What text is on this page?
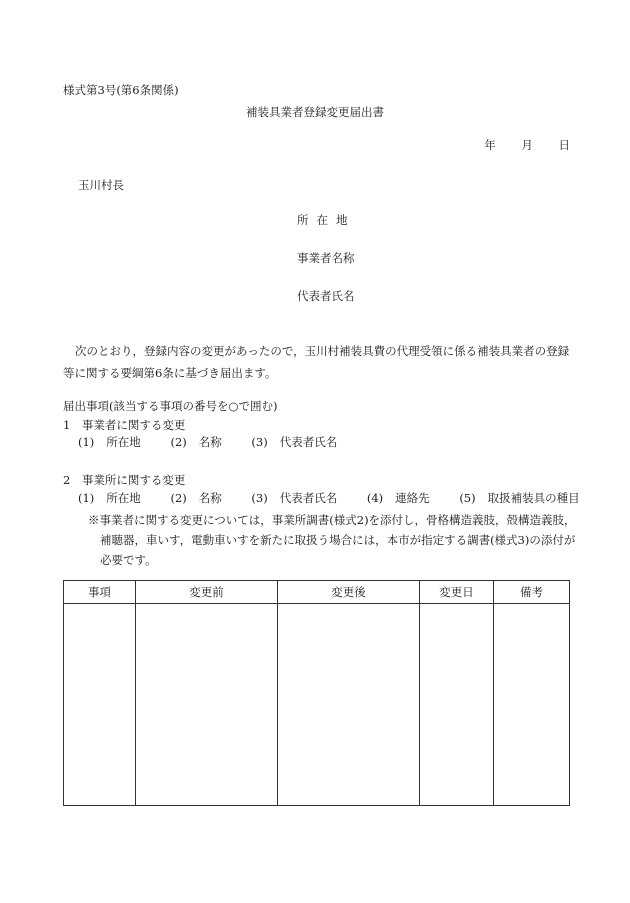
様式第3号(第6条関係)
補装具業者登録変更届出書
年 月 日
玉川村長
所在地
事業者名称
代表者氏名
次のとおり，登録内容の変更があったので，玉川村補装具費の代理受領に係る補装具業者の登録等に関する要綱第6条に基づき届出ます。
届出事項(該当する事項の番号を○で囲む)
1　事業者に関する変更
(1) 所在地	(2) 名称	(3) 代表者氏名
2　事業所に関する変更
(1) 所在地	(2) 名称	(3) 代表者氏名	(4) 連絡先	(5) 取扱補装具の種目
※事業者に関する変更については，事業所調書(様式2)を添付し，骨格構造義肢，殻構造義肢，補聴器，車いす，電動車いすを新たに取扱う場合には，本市が指定する調書(様式3)の添付が必要です。
事項	変更前	変更後	変更日	備考
